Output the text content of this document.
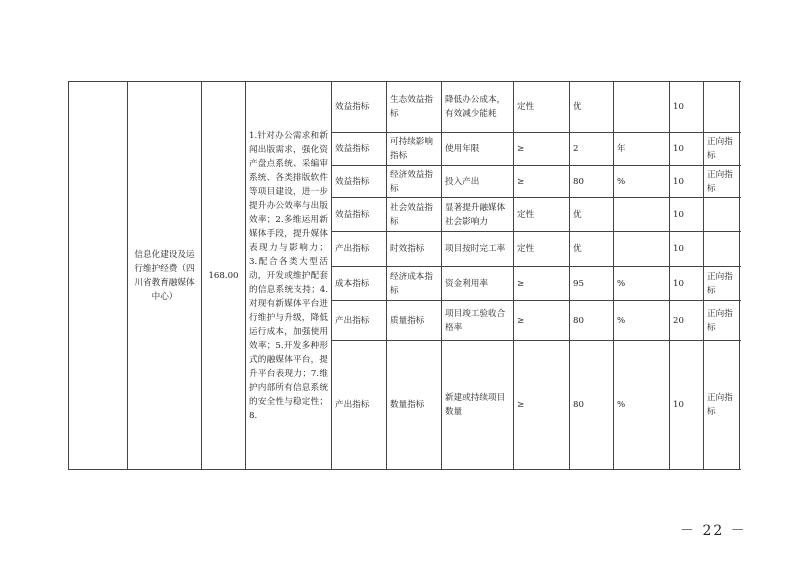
	信息化建设及运行维护经费（四川省教育融媒体中心）	168.00	1.针对办公需求和新闻出版需求，强化资产盘点系统、采编审系统、各类排版软件等项目建设，进一步提升办公效率与出版效率；2.多维运用新媒体手段，提升媒体表现力与影响力； 3.配合各类大型活动，开发或维护配套的信息系统支持；4.对现有新媒体平台进行维护与升级，降低运行成本，加强使用效率；5.开发多种形式的融媒体平台，提升平台表现力；7.维护内部所有信息系统的安全性与稳定性；8.	效益指标	生态效益指标	降低办公成本，有效减少能耗	定性	优		10	
				效益指标	可持续影响指标	使用年限	≥	2	年	10	正向指标
				效益指标	经济效益指标	投入产出	≥	80	%	10	正向指标
				效益指标	社会效益指标	显著提升融媒体社会影响力	定性	优		10	
				产出指标	时效指标	项目按时完工率	定性	优		10	
				成本指标	经济成本指标	资金利用率	≥	95	%	10	正向指标
				产出指标	质量指标	项目竣工验收合格率	≥	80	%	20	正向指标
				产出指标	数量指标	新建或持续项目数量	≥	80	%	10	正向指标
－ 22 －
